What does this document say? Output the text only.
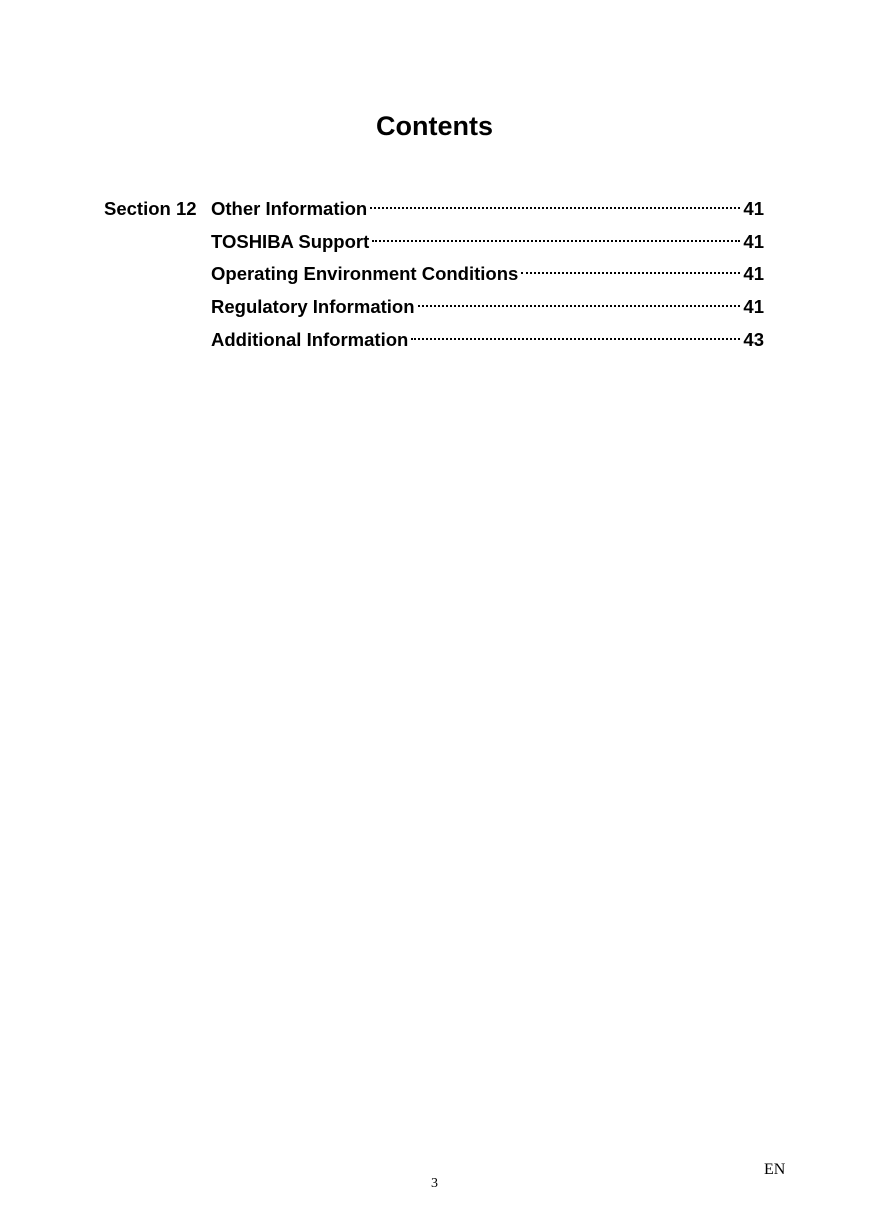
Contents
Section 12 Other Information	41
TOSHIBA Support	41
Operating Environment Conditions	41
Regulatory Information	41
Additional Information	43
EN
3
